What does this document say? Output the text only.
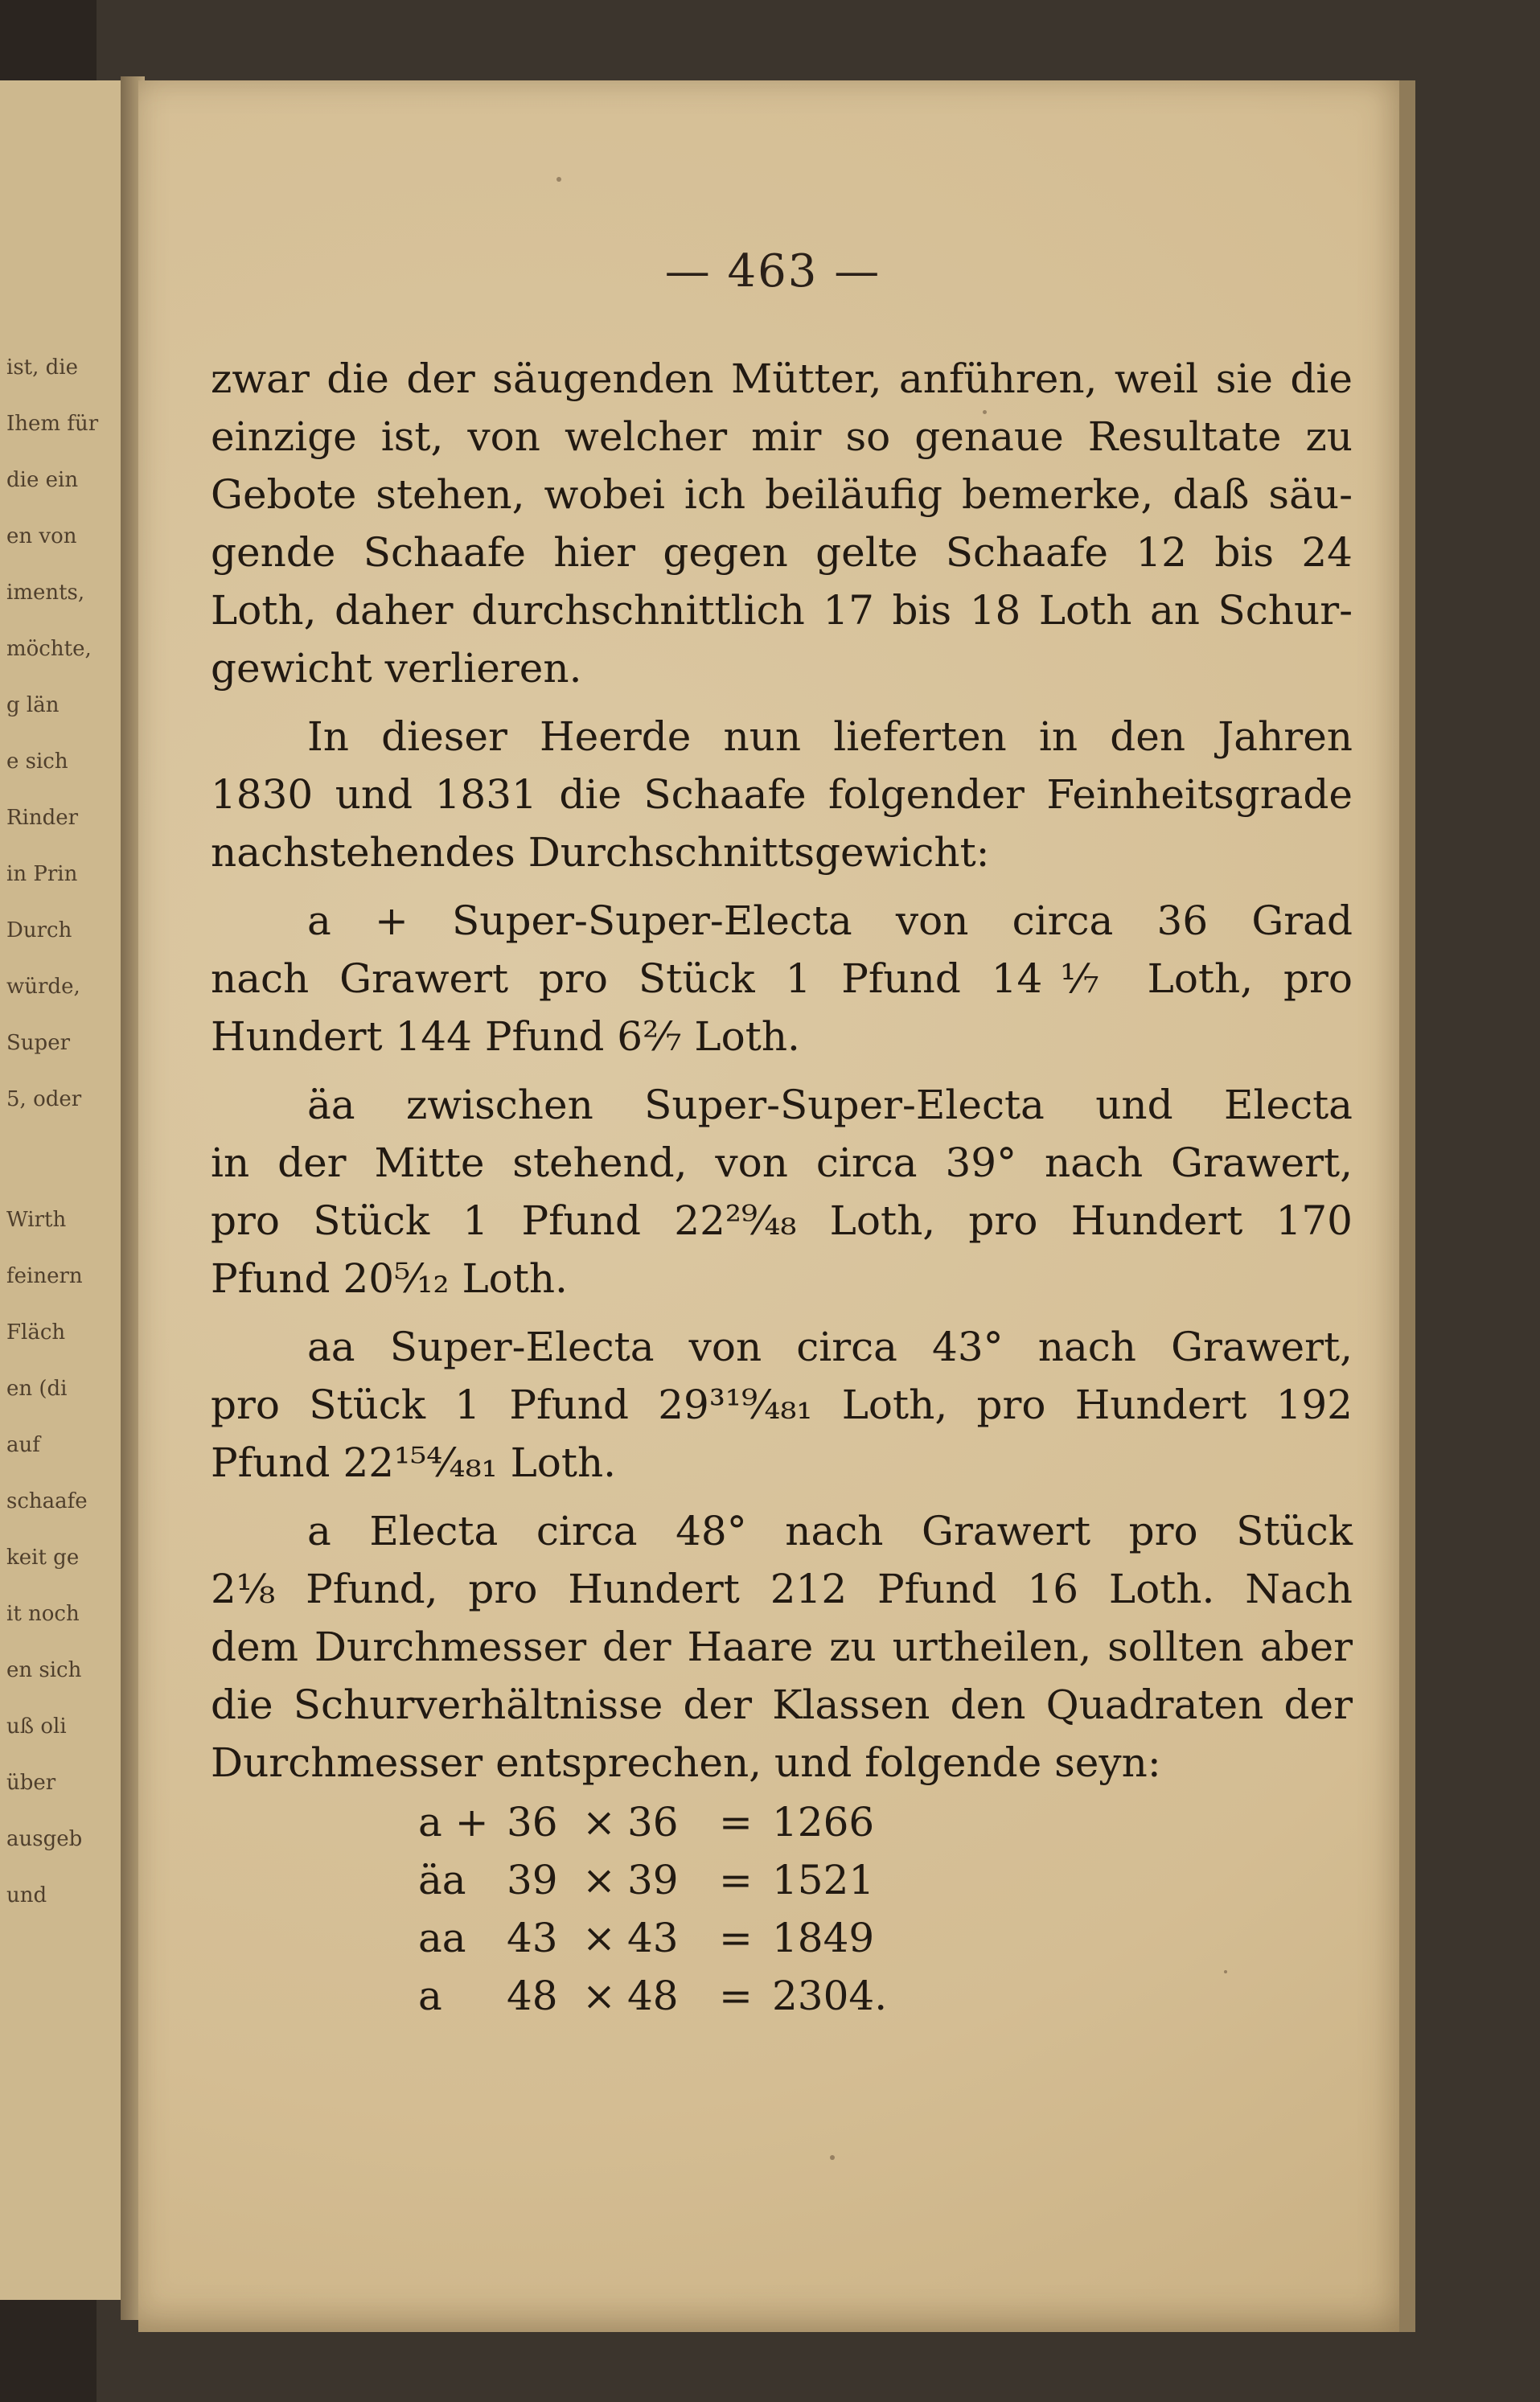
ist, die
Ihem für
die ein
en von
iments,
möchte,
g län
e sich
Rinder
in Prin
Durch
würde,
Super
5, oder
Wirth
feinern
Fläch
en (di
auf
schaafe
keit ge
it noch
en sich
uß oli
über
ausgeb
und
— 463 —
zwar die der säugenden Mütter, anführen, weil sie die
einzige ist, von welcher mir so genaue Resultate zu
Gebote stehen, wobei ich beiläufig bemerke, daß säu-
gende Schaafe hier gegen gelte Schaafe 12 bis 24
Loth, daher durchschnittlich 17 bis 18 Loth an Schur-
gewicht verlieren.
In dieser Heerde nun lieferten in den Jahren
1830 und 1831 die Schaafe folgender Feinheitsgrade
nachstehendes Durchschnittsgewicht:
a + Super-Super-Electa von circa 36 Grad
nach Grawert pro Stück 1 Pfund 14⅐ Loth, pro
Hundert 144 Pfund 6²⁄₇ Loth.
äa zwischen Super-Super-Electa und Electa
in der Mitte stehend, von circa 39° nach Grawert,
pro Stück 1 Pfund 22²⁹⁄₄₈ Loth, pro Hundert 170
Pfund 20⁵⁄₁₂ Loth.
aa Super-Electa von circa 43° nach Grawert,
pro Stück 1 Pfund 29³¹⁹⁄₄₈₁ Loth, pro Hundert 192
Pfund 22¹⁵⁴⁄₄₈₁ Loth.
a Electa circa 48° nach Grawert pro Stück
2⅛ Pfund, pro Hundert 212 Pfund 16 Loth. Nach
dem Durchmesser der Haare zu urtheilen, sollten aber
die Schurverhältnisse der Klassen den Quadraten der
Durchmesser entsprechen, und folgende seyn:
a + 36 × 36 = 1266
äa 39 × 39 = 1521
aa 43 × 43 = 1849
a 48 × 48 = 2304.
